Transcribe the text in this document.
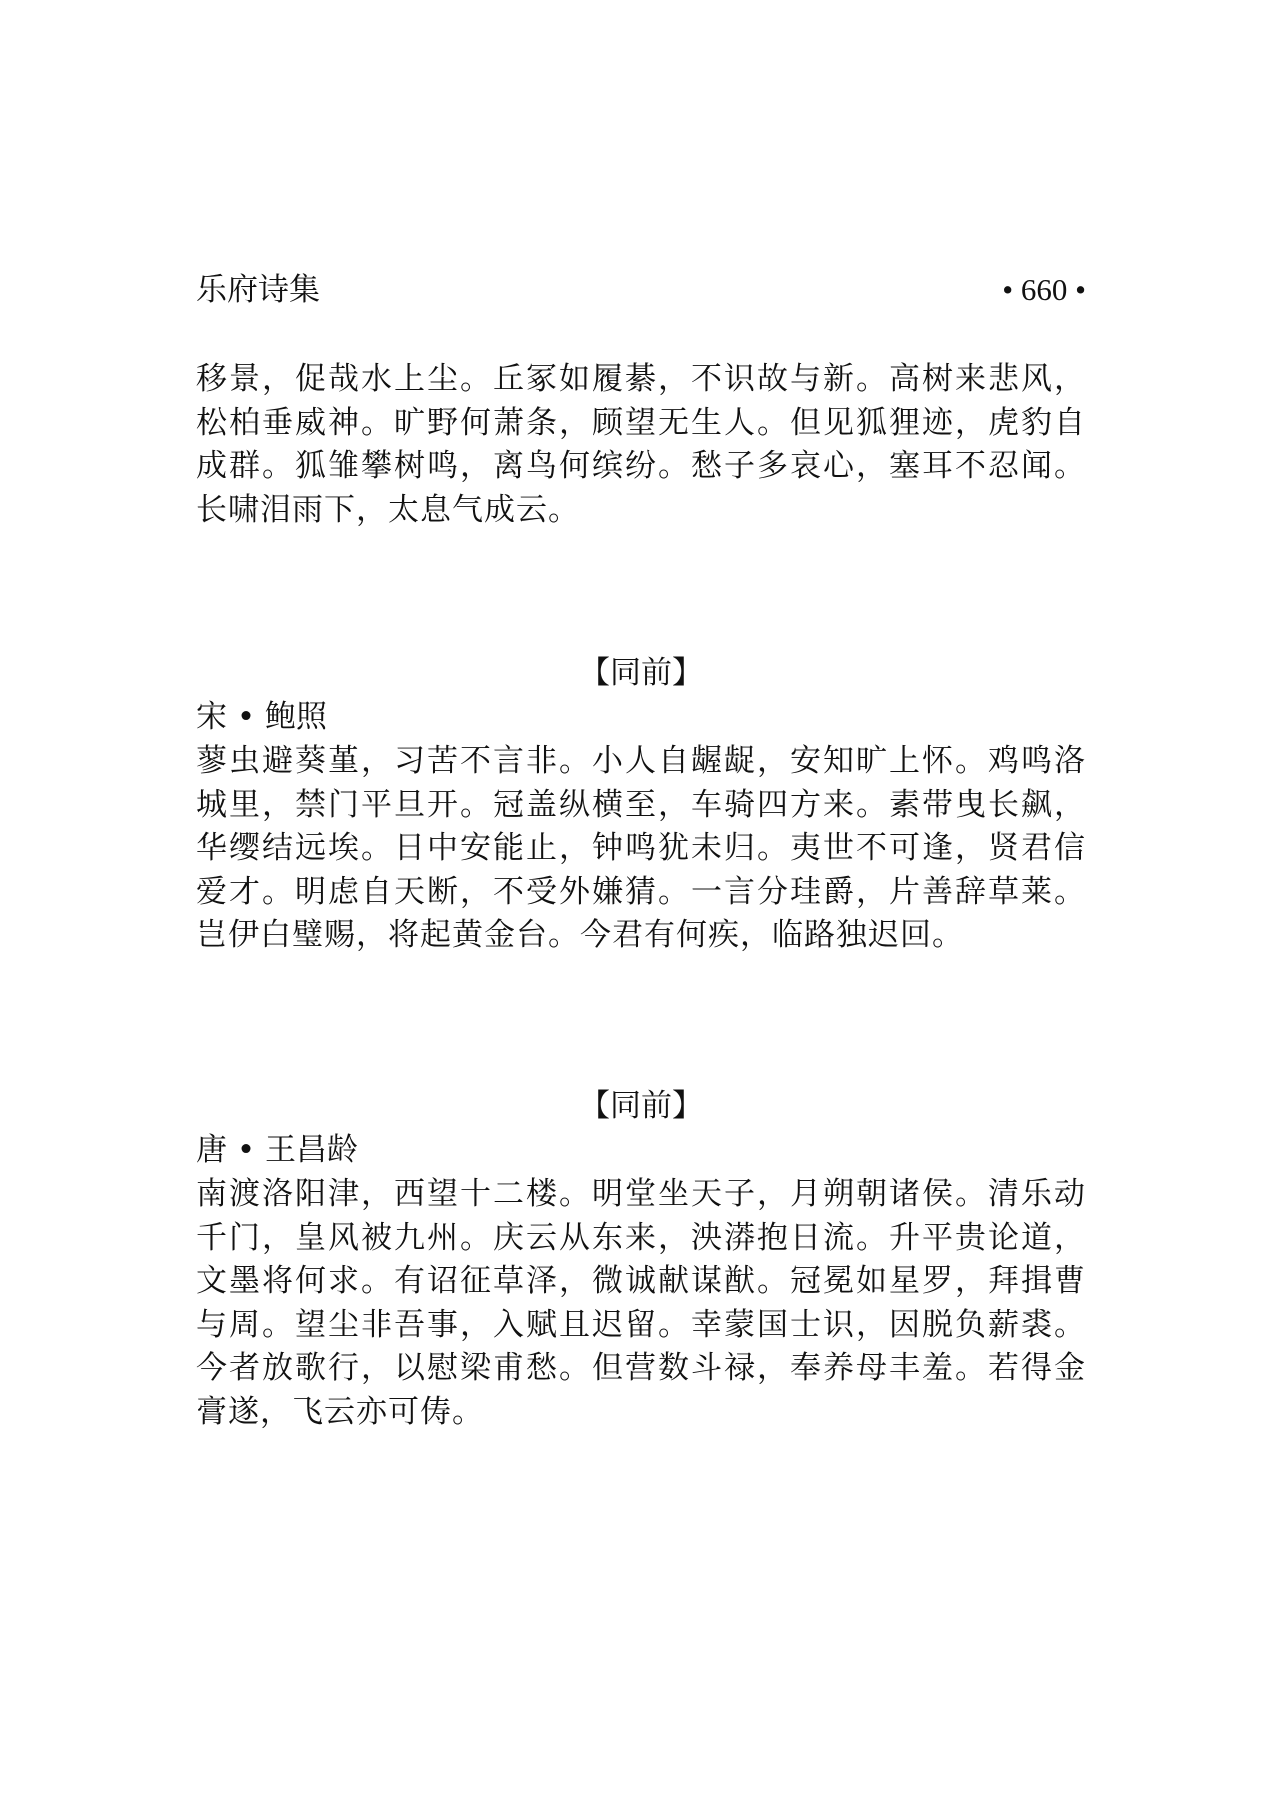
乐府诗集	• 660 •

移景，促哉水上尘。丘冢如履綦，不识故与新。高树来悲风，松柏垂威神。旷野何萧条，顾望无生人。但见狐狸迹，虎豹自成群。狐雏攀树鸣，离鸟何缤纷。愁子多哀心，塞耳不忍闻。长啸泪雨下，太息气成云。

【同前】
宋 • 鲍照

蓼虫避葵堇，习苦不言非。小人自龌龊，安知旷上怀。鸡鸣洛城里，禁门平旦开。冠盖纵横至，车骑四方来。素带曳长飙，华缨结远埃。日中安能止，钟鸣犹未归。夷世不可逢，贤君信爱才。明虑自天断，不受外嫌猜。一言分珪爵，片善辞草莱。岂伊白璧赐，将起黄金台。今君有何疾，临路独迟回。

【同前】
唐 • 王昌龄

南渡洛阳津，西望十二楼。明堂坐天子，月朔朝诸侯。清乐动千门，皇风被九州。庆云从东来，泱漭抱日流。升平贵论道，文墨将何求。有诏征草泽，微诚献谋猷。冠冕如星罗，拜揖曹与周。望尘非吾事，入赋且迟留。幸蒙国士识，因脱负薪裘。今者放歌行，以慰梁甫愁。但营数斗禄，奉养母丰羞。若得金膏遂，飞云亦可俦。
